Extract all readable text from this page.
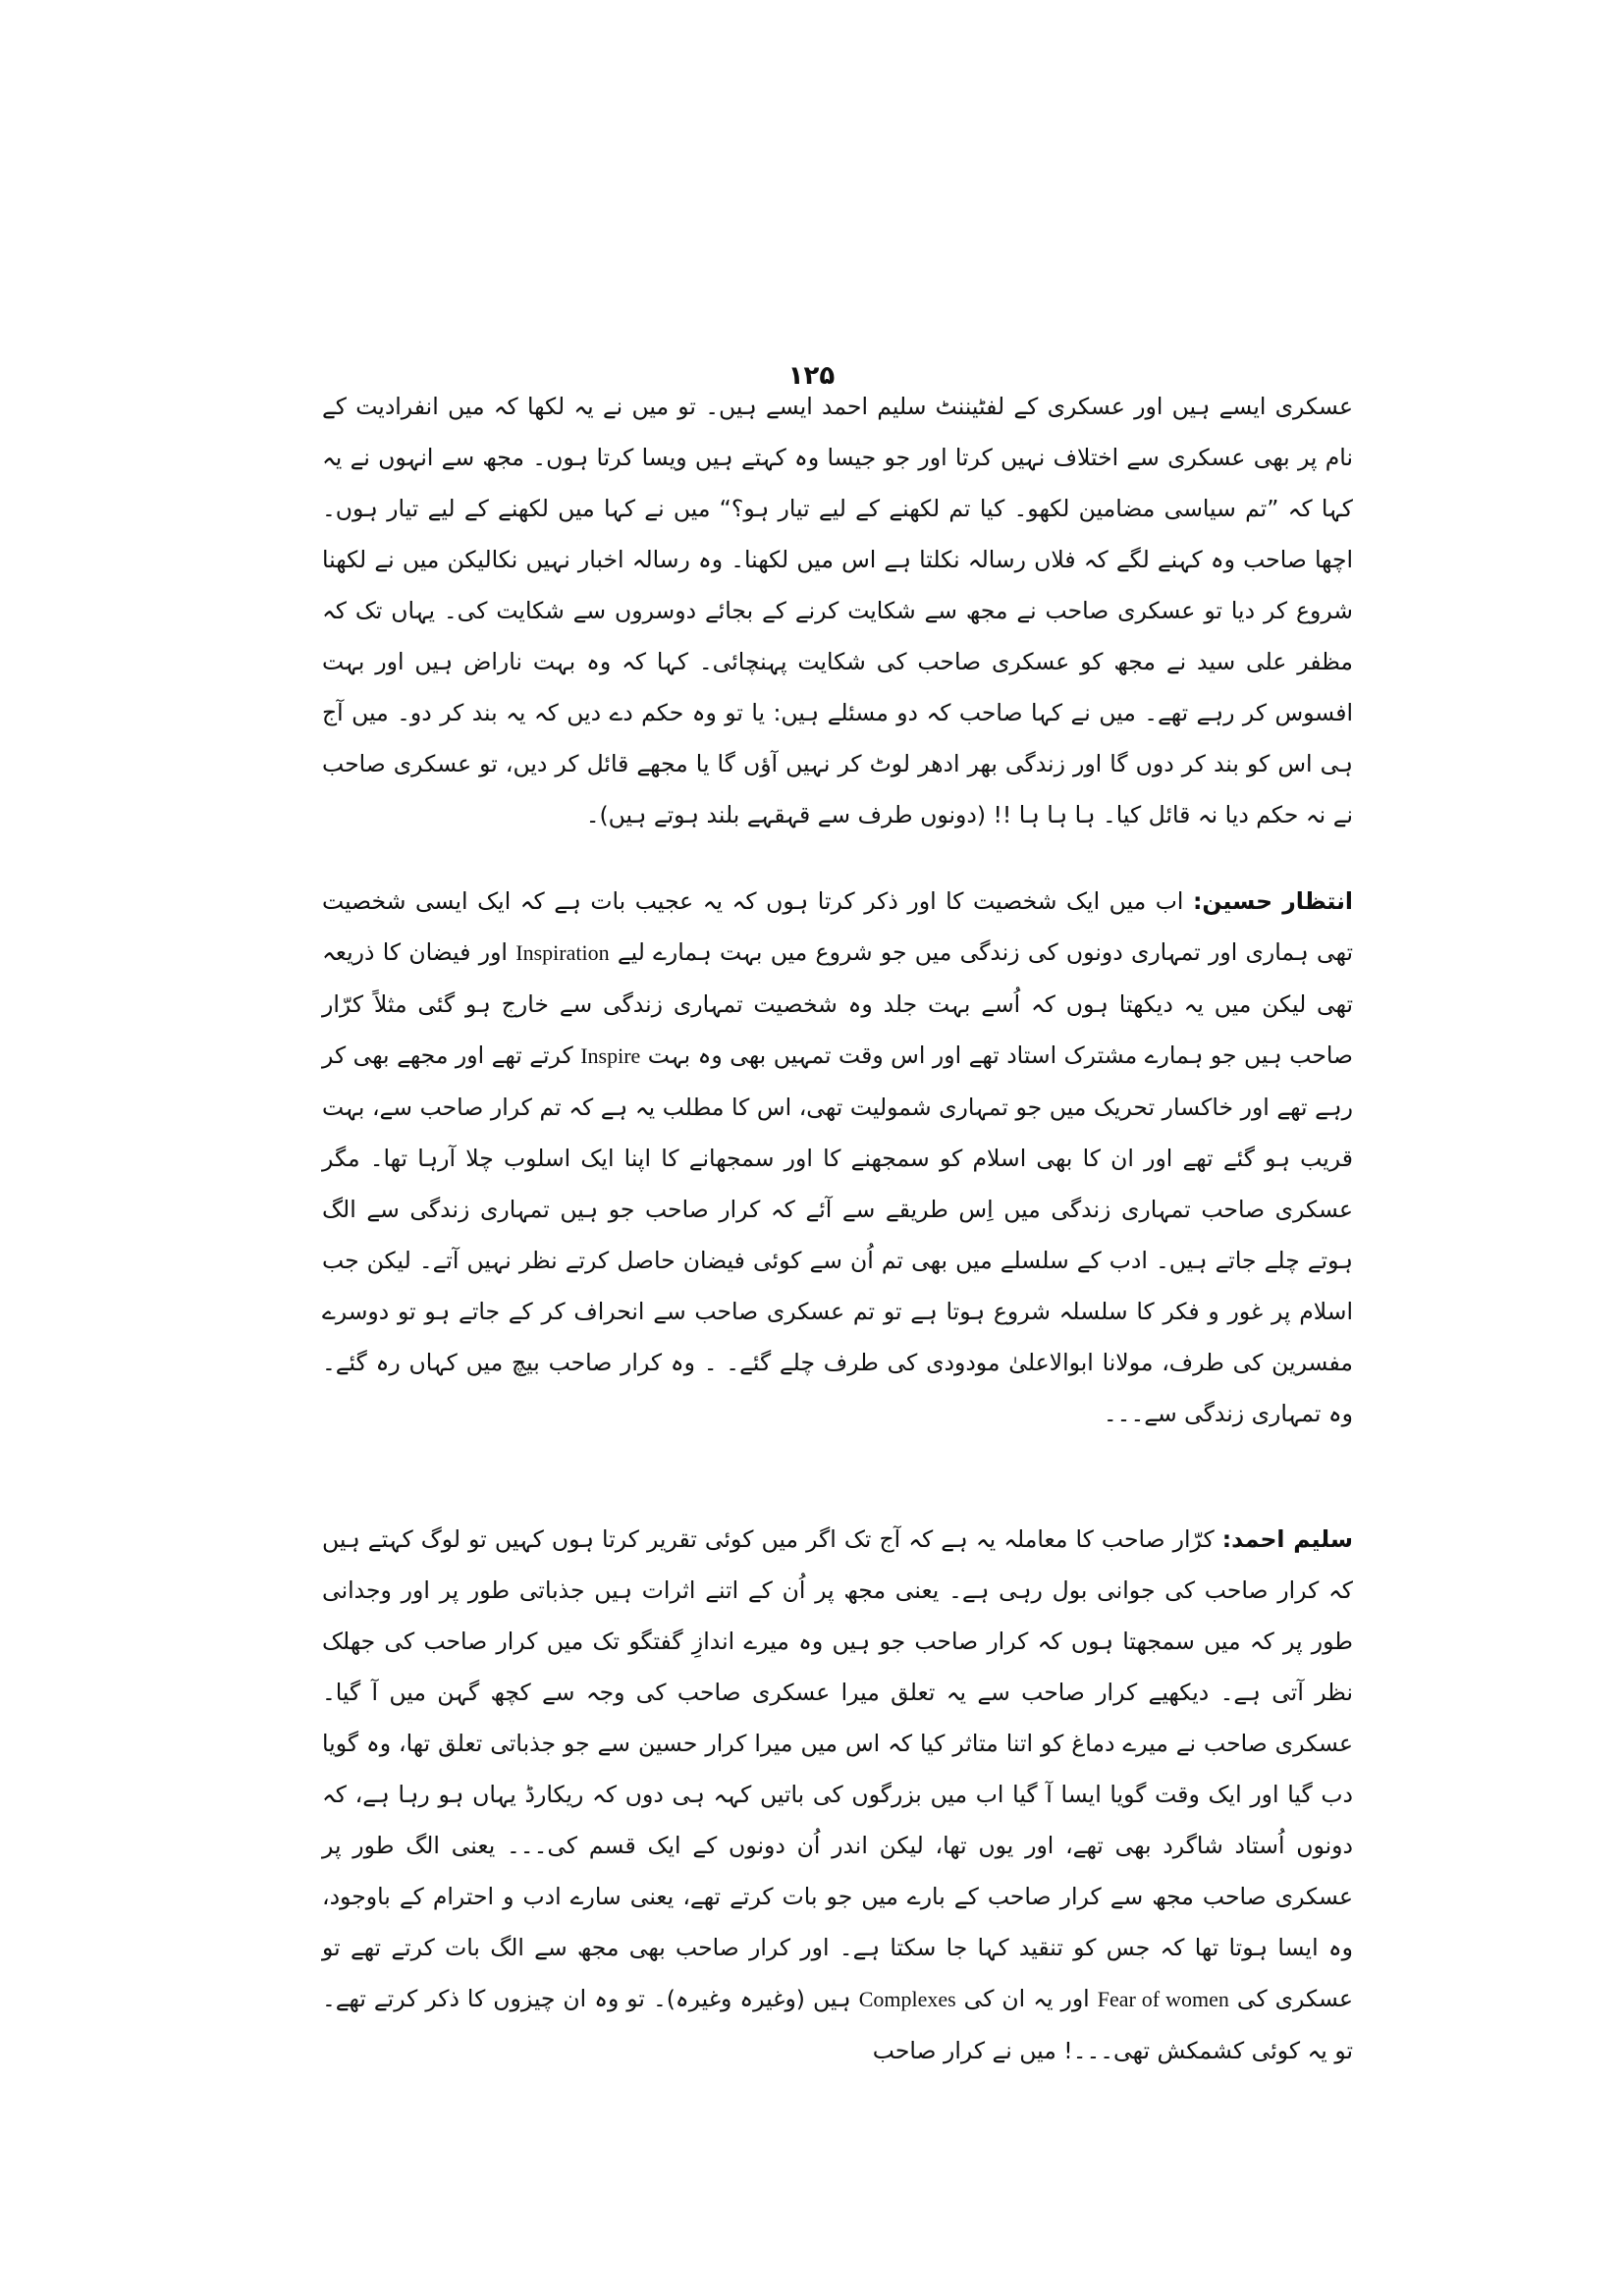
۱۲۵

عسکری ایسے ہیں اور عسکری کے لفٹیننٹ سلیم احمد ایسے ہیں۔ تو میں نے یہ لکھا کہ میں انفرادیت کے نام پر بھی عسکری سے اختلاف نہیں کرتا اور جو جیسا وہ کہتے ہیں ویسا کرتا ہوں۔ مجھ سے انہوں نے یہ کہا کہ ”تم سیاسی مضامین لکھو۔ کیا تم لکھنے کے لیے تیار ہو؟“ میں نے کہا میں لکھنے کے لیے تیار ہوں۔ اچھا صاحب وہ کہنے لگے کہ فلاں رسالہ نکلتا ہے اس میں لکھنا۔ وہ رسالہ اخبار نہیں نکالیکن میں نے لکھنا شروع کر دیا تو عسکری صاحب نے مجھ سے شکایت کرنے کے بجائے دوسروں سے شکایت کی۔ یہاں تک کہ مظفر علی سید نے مجھ کو عسکری صاحب کی شکایت پہنچائی۔ کہا کہ وہ بہت ناراض ہیں اور بہت افسوس کر رہے تھے۔ میں نے کہا صاحب کہ دو مسئلے ہیں: یا تو وہ حکم دے دیں کہ یہ بند کر دو۔ میں آج ہی اس کو بند کر دوں گا اور زندگی بھر ادھر لوٹ کر نہیں آؤں گا یا مجھے قائل کر دیں، تو عسکری صاحب نے نہ حکم دیا نہ قائل کیا۔ ہا ہا ہا !! (دونوں طرف سے قہقہے بلند ہوتے ہیں)۔

انتظار حسین: اب میں ایک شخصیت کا اور ذکر کرتا ہوں کہ یہ عجیب بات ہے کہ ایک ایسی شخصیت تھی ہماری اور تمہاری دونوں کی زندگی میں جو شروع میں بہت ہمارے لیے Inspiration اور فیضان کا ذریعہ تھی لیکن میں یہ دیکھتا ہوں کہ اُسے بہت جلد وہ شخصیت تمہاری زندگی سے خارج ہو گئی مثلاً کرّار صاحب ہیں جو ہمارے مشترک استاد تھے اور اس وقت تمہیں بھی وہ بہت Inspire کرتے تھے اور مجھے بھی کر رہے تھے اور خاکسار تحریک میں جو تمہاری شمولیت تھی، اس کا مطلب یہ ہے کہ تم کرار صاحب سے، بہت قریب ہو گئے تھے اور ان کا بھی اسلام کو سمجھنے کا اور سمجھانے کا اپنا ایک اسلوب چلا آرہا تھا۔ مگر عسکری صاحب تمہاری زندگی میں اِس طریقے سے آئے کہ کرار صاحب جو ہیں تمہاری زندگی سے الگ ہوتے چلے جاتے ہیں۔ ادب کے سلسلے میں بھی تم اُن سے کوئی فیضان حاصل کرتے نظر نہیں آتے۔ لیکن جب اسلام پر غور و فکر کا سلسلہ شروع ہوتا ہے تو تم عسکری صاحب سے انحراف کر کے جاتے ہو تو دوسرے مفسرین کی طرف، مولانا ابوالاعلیٰ مودودی کی طرف چلے گئے۔ ۔ وہ کرار صاحب بیچ میں کہاں رہ گئے۔ وہ تمہاری زندگی سے۔۔۔

سلیم احمد: کرّار صاحب کا معاملہ یہ ہے کہ آج تک اگر میں کوئی تقریر کرتا ہوں کہیں تو لوگ کہتے ہیں کہ کرار صاحب کی جوانی بول رہی ہے۔ یعنی مجھ پر اُن کے اتنے اثرات ہیں جذباتی طور پر اور وجدانی طور پر کہ میں سمجھتا ہوں کہ کرار صاحب جو ہیں وہ میرے اندازِ گفتگو تک میں کرار صاحب کی جھلک نظر آتی ہے۔ دیکھیے کرار صاحب سے یہ تعلق میرا عسکری صاحب کی وجہ سے کچھ گہن میں آ گیا۔ عسکری صاحب نے میرے دماغ کو اتنا متاثر کیا کہ اس میں میرا کرار حسین سے جو جذباتی تعلق تھا، وہ گویا دب گیا اور ایک وقت گویا ایسا آ گیا اب میں بزرگوں کی باتیں کہہ ہی دوں کہ ریکارڈ یہاں ہو رہا ہے، کہ دونوں اُستاد شاگرد بھی تھے، اور یوں تھا، لیکن اندر اُن دونوں کے ایک قسم کی۔۔۔ یعنی الگ طور پر عسکری صاحب مجھ سے کرار صاحب کے بارے میں جو بات کرتے تھے، یعنی سارے ادب و احترام کے باوجود، وہ ایسا ہوتا تھا کہ جس کو تنقید کہا جا سکتا ہے۔ اور کرار صاحب بھی مجھ سے الگ بات کرتے تھے تو عسکری کی Fear of women اور یہ ان کی Complexes ہیں (وغیرہ وغیرہ)۔ تو وہ ان چیزوں کا ذکر کرتے تھے۔ تو یہ کوئی کشمکش تھی۔۔۔! میں نے کرار صاحب
